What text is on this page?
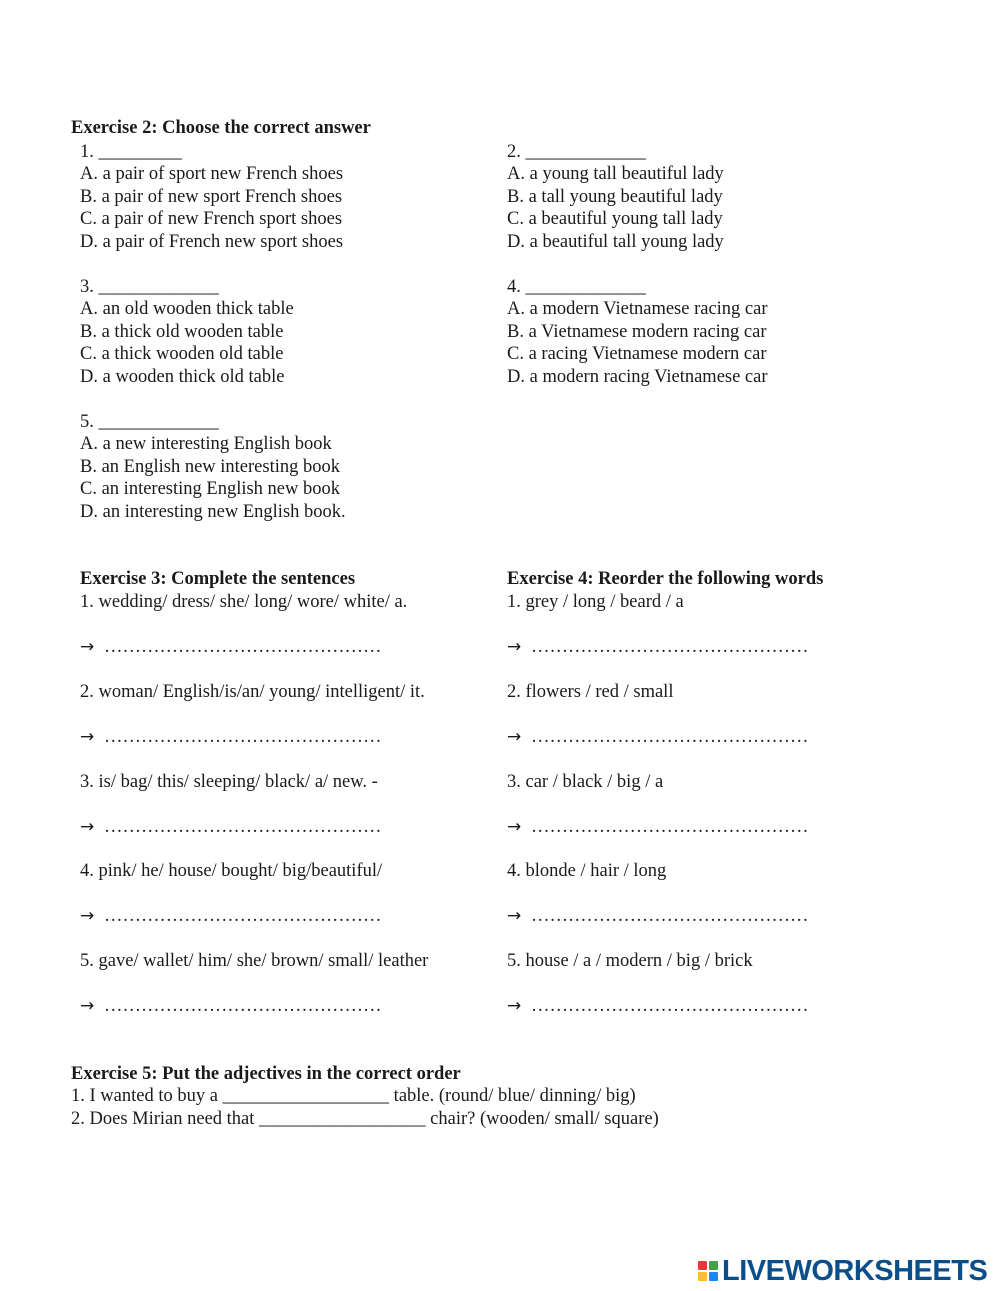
Exercise 2: Choose the correct answer
1. _________
A. a pair of sport new French shoes
B. a pair of new sport French shoes
C. a pair of new French sport shoes
D. a pair of French new sport shoes
2. _____________
A. a young tall beautiful lady
B. a tall young beautiful lady
C. a beautiful young tall lady
D. a beautiful tall young lady
3. _____________
A. an old wooden thick table
B. a thick old wooden table
C. a thick wooden old table
D. a wooden thick old table
4. _____________
A. a modern Vietnamese racing car
B. a Vietnamese modern racing car
C. a racing Vietnamese modern car
D. a modern racing Vietnamese car
5. _____________
A. a new interesting English book
B. an English new interesting book
C. an interesting English new book
D. an interesting new English book.
Exercise 3: Complete the sentences
1. wedding/ dress/ she/ long/ wore/ white/ a.
→ ………………………………………
2. woman/ English/is/an/ young/ intelligent/ it.
→ ………………………………………
3. is/ bag/ this/ sleeping/ black/ a/ new. -
→ ………………………………………
4. pink/ he/ house/ bought/ big/beautiful/
→ ………………………………………
5. gave/ wallet/ him/ she/ brown/ small/ leather
→ ………………………………………
Exercise 4: Reorder the following words
1. grey / long / beard / a
→ ………………………………………
2. flowers / red / small
→ ………………………………………
3. car / black / big / a
→ ………………………………………
4. blonde / hair / long
→ ………………………………………
5. house / a / modern / big / brick
→ ………………………………………
Exercise 5: Put the adjectives in the correct order
1. I wanted to buy a __________________ table. (round/ blue/ dinning/ big)
2. Does Mirian need that __________________ chair? (wooden/ small/ square)
LIVEWORKSHEETS
